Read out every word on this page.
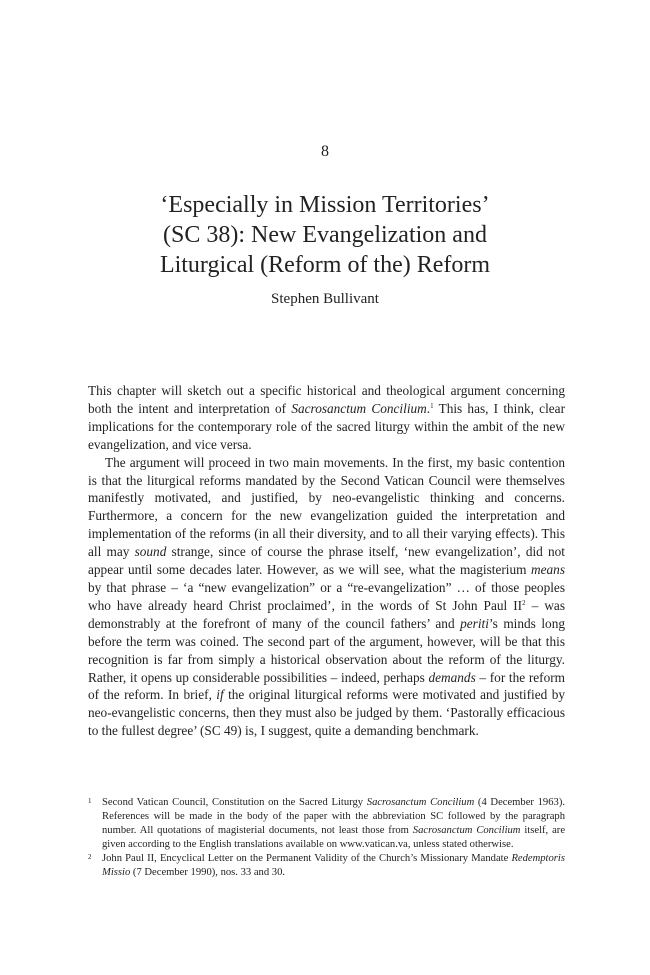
8
‘Especially in Mission Territories’
(SC 38): New Evangelization and
Liturgical (Reform of the) Reform
Stephen Bullivant

This chapter will sketch out a specific historical and theological argument concerning both the intent and interpretation of Sacrosanctum Concilium.$^1$ This has, I think, clear implications for the contemporary role of the sacred liturgy within the ambit of the new evangelization, and vice versa.

The argument will proceed in two main movements. In the first, my basic contention is that the liturgical reforms mandated by the Second Vatican Council were themselves manifestly motivated, and justified, by neo-evangelistic thinking and concerns. Furthermore, a concern for the new evangelization guided the interpretation and implementation of the reforms (in all their diversity, and to all their varying effects). This all may sound strange, since of course the phrase itself, ‘new evangelization’, did not appear until some decades later. However, as we will see, what the magisterium means by that phrase – ‘a “new evangelization” or a “re-evangelization” … of those peoples who have already heard Christ proclaimed’, in the words of St John Paul $II^2$ – was demonstrably at the forefront of many of the council fathers’ and periti’s minds long before the term was coined. The second part of the argument, however, will be that this recognition is far from simply a historical observation about the reform of the liturgy. Rather, it opens up considerable possibilities – indeed, perhaps demands – for the reform of the reform. In brief, if the original liturgical reforms were motivated and justified by neo-evangelistic concerns, then they must also be judged by them. ‘Pastorally efficacious to the fullest degree’ (SC 49) is, I suggest, quite a demanding benchmark.

1 Second Vatican Council, Constitution on the Sacred Liturgy Sacrosanctum Concilium (4 December 1963). References will be made in the body of the paper with the abbreviation SC followed by the paragraph number. All quotations of magisterial documents, not least those from Sacrosanctum Concilium itself, are given according to the English translations available on www.vatican.va, unless stated otherwise.
2 John Paul II, Encyclical Letter on the Permanent Validity of the Church’s Missionary Mandate Redemptoris Missio (7 December 1990), nos. 33 and 30.
